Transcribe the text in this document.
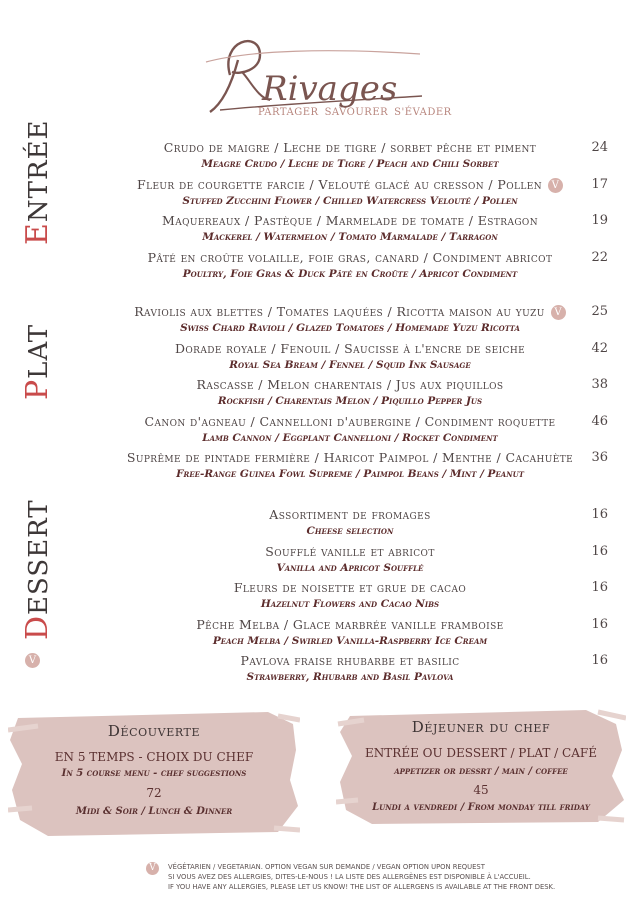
Rivages
PARTAGER SAVOURER S'ÉVADER
ENTRÉE
PLAT
DESSERT
V
Crudo de maigre / Leche de tigre / sorbet pêche et piment
Meagre Crudo / Leche de Tigre / Peach and Chili Sorbet
24
Fleur de courgette farcie / Velouté glacé au cresson / Pollen V
Stuffed Zucchini Flower / Chilled Watercress Velouté / Pollen
17
Maquereaux / Pastèque / Marmelade de tomate / Estragon
Mackerel / Watermelon / Tomato Marmalade / Tarragon
19
Pâté en croûte volaille, foie gras, canard / Condiment abricot
Poultry, Foie Gras & Duck Pâté en Croûte / Apricot Condiment
22
Raviolis aux blettes / Tomates laquées / Ricotta maison au yuzu V
Swiss Chard Ravioli / Glazed Tomatoes / Homemade Yuzu Ricotta
25
Dorade royale / Fenouil / Saucisse à l'encre de seiche
Royal Sea Bream / Fennel / Squid Ink Sausage
42
Rascasse / Melon charentais / Jus aux piquillos
Rockfish / Charentais Melon / Piquillo Pepper Jus
38
Canon d'agneau / Cannelloni d'aubergine / Condiment roquette
Lamb Cannon / Eggplant Cannelloni / Rocket Condiment
46
Suprême de pintade fermière / Haricot Paimpol / Menthe / Cacahuète
Free-Range Guinea Fowl Supreme / Paimpol Beans / Mint / Peanut
36
Assortiment de fromages
Cheese selection
16
Soufflé vanille et abricot
Vanilla and Apricot Soufflé
16
Fleurs de noisette et grue de cacao
Hazelnut Flowers and Cacao Nibs
16
Pêche Melba / Glace marbrée vanille framboise
Peach Melba / Swirled Vanilla-Raspberry Ice Cream
16
Pavlova fraise rhubarbe et basilic
Strawberry, Rhubarb and Basil Pavlova
16
Découverte
EN 5 TEMPS - CHOIX DU CHEF
In 5 course menu - chef suggestions
72
Midi & Soir / Lunch & Dinner
Déjeuner du chef
ENTRÉE OU DESSERT / PLAT / CAFÉ
appetizer or dessrt / main / coffee
45
Lundi a vendredi / From monday till friday
V	VÉGÉTARIEN / VEGETARIAN. OPTION VEGAN SUR DEMANDE / VEGAN OPTION UPON REQUEST
SI VOUS AVEZ DES ALLERGIES, DITES-LE-NOUS ! LA LISTE DES ALLERGÈNES EST DISPONIBLE À L'ACCUEIL.
IF YOU HAVE ANY ALLERGIES, PLEASE LET US KNOW! THE LIST OF ALLERGENS IS AVAILABLE AT THE FRONT DESK.
